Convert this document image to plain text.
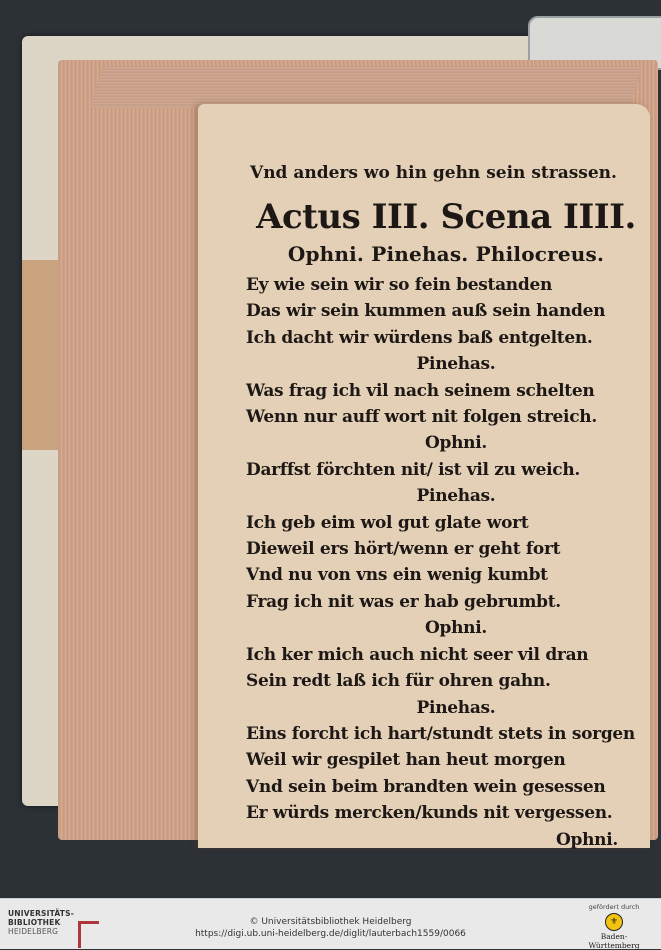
Vnd anders wo hin gehn sein strassen.
Actus III. Scena IIII.
Ophni. Pinehas. Philocreus.
Ey wie sein wir so fein bestanden
Das wir sein kummen auß sein handen
Ich dacht wir würdens baß entgelten.
Pinehas.
Was frag ich vil nach seinem schelten
Wenn nur auff wort nit folgen streich.
Ophni.
Darffst förchten nit/ ist vil zu weich.
Pinehas.
Ich geb eim wol gut glate wort
Dieweil ers hört/wenn er geht fort
Vnd nu von vns ein wenig kumbt
Frag ich nit was er hab gebrumbt.
Ophni.
Ich ker mich auch nicht seer vil dran
Sein redt laß ich für ohren gahn.
Pinehas.
Eins forcht ich hart/stundt stets in sorgen
Weil wir gespilet han heut morgen
Vnd sein beim brandten wein gesessen
Er würds mercken/kunds nit vergessen.
Ophni.
UNIVERSITÄTS-
BIBLIOTHEK
HEIDELBERG
© Universitätsbibliothek Heidelberg
https://digi.ub.uni-heidelberg.de/diglit/lauterbach1559/0066
gefördert durch
⚜
Baden-Württemberg
